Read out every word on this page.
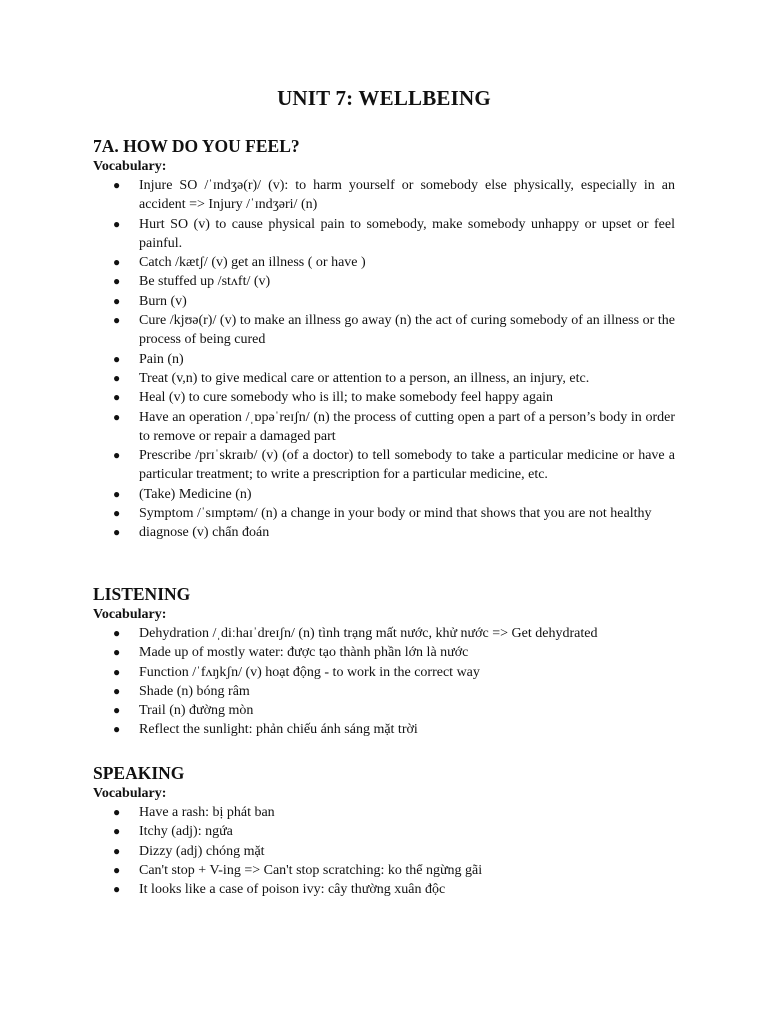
UNIT 7: WELLBEING
7A. HOW DO YOU FEEL?

Vocabulary:

● Injure SO /ˈɪndʒə(r)/ (v): to harm yourself or somebody else physically, especially in an accident => Injury /ˈɪndʒəri/ (n)
● Hurt SO (v) to cause physical pain to somebody, make somebody unhappy or upset or feel painful.
● Catch /kætʃ/ (v) get an illness ( or have )
● Be stuffed up /stʌft/ (v)
● Burn (v)
● Cure /kjʊə(r)/ (v) to make an illness go away (n) the act of curing somebody of an illness or the process of being cured
● Pain (n)
● Treat (v,n) to give medical care or attention to a person, an illness, an injury, etc.
● Heal (v) to cure somebody who is ill; to make somebody feel happy again
● Have an operation /ˌɒpəˈreɪʃn/ (n) the process of cutting open a part of a person’s body in order to remove or repair a damaged part
● Prescribe /prɪˈskraɪb/ (v) (of a doctor) to tell somebody to take a particular medicine or have a particular treatment; to write a prescription for a particular medicine, etc.
● (Take) Medicine (n)
● Symptom /ˈsɪmptəm/ (n) a change in your body or mind that shows that you are not healthy
● diagnose (v) chẩn đoán
LISTENING

Vocabulary:

● Dehydration /ˌdiːhaɪˈdreɪʃn/ (n) tình trạng mất nước, khử nước => Get dehydrated
● Made up of mostly water: được tạo thành phần lớn là nước
● Function /ˈfʌŋkʃn/ (v) hoạt động - to work in the correct way
● Shade (n) bóng râm
● Trail (n) đường mòn
● Reflect the sunlight: phản chiếu ánh sáng mặt trời
SPEAKING

Vocabulary:

● Have a rash: bị phát ban
● Itchy (adj): ngứa
● Dizzy (adj) chóng mặt
● Can't stop + V-ing => Can't stop scratching: ko thể ngừng gãi
● It looks like a case of poison ivy: cây thường xuân độc
